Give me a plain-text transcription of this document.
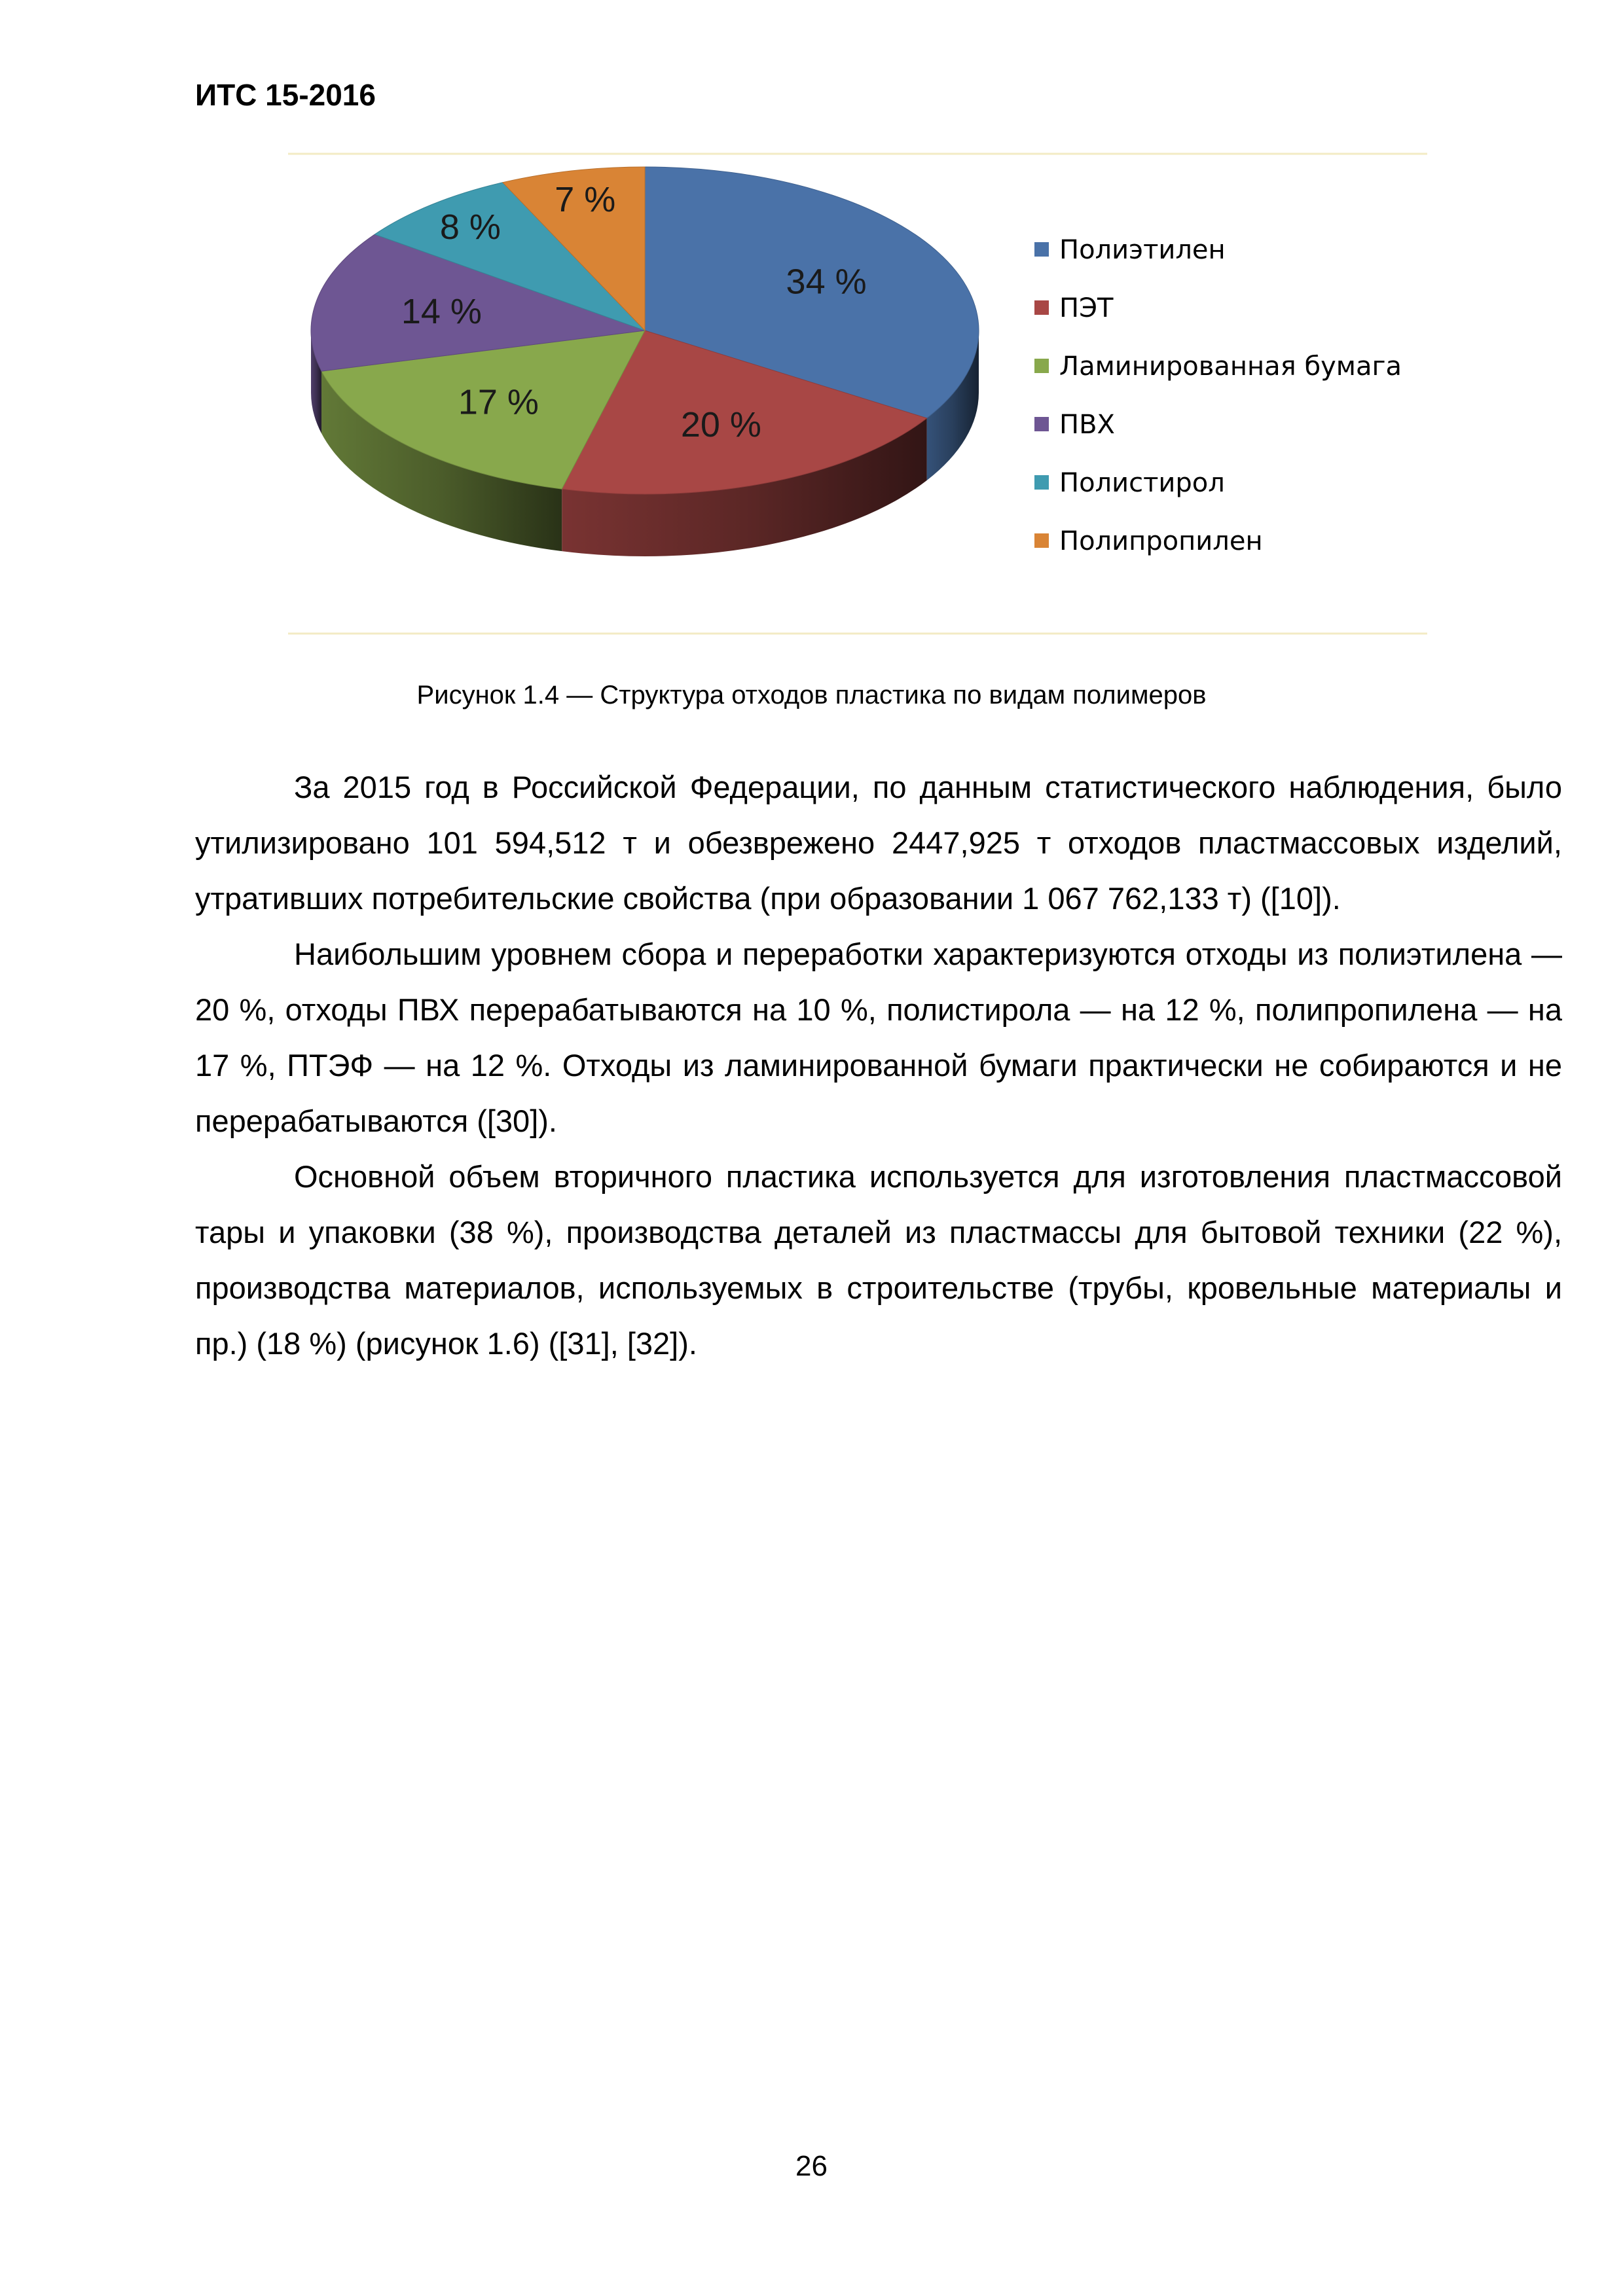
ИТС 15-2016
34 %
20 %
17 %
14 %
8 %
7 %
Полиэтилен
ПЭТ
Ламинированная бумага
ПВХ
Полистирол
Полипропилен
Рисунок 1.4 — Структура отходов пластика по видам полимеров

За 2015 год в Российской Федерации, по данным статистического наблюдения, было утилизировано 101 594,512 т и обезврежено 2447,925 т отходов пластмассовых изделий, утративших потребительские свойства (при образовании 1 067 762,133 т) ([10]).

Наибольшим уровнем сбора и переработки характеризуются отходы из полиэтилена — 20 %, отходы ПВХ перерабатываются на 10 %, полистирола — на 12 %, полипропилена — на 17 %, ПТЭФ — на 12 %. Отходы из ламинированной бумаги практически не собираются и не перерабатываются ([30]).

Основной объем вторичного пластика используется для изготовления пластмассовой тары и упаковки (38 %), производства деталей из пластмассы для бытовой техники (22 %), производства материалов, используемых в строительстве (трубы, кровельные материалы и пр.) (18 %) (рисунок 1.6) ([31], [32]).

26
